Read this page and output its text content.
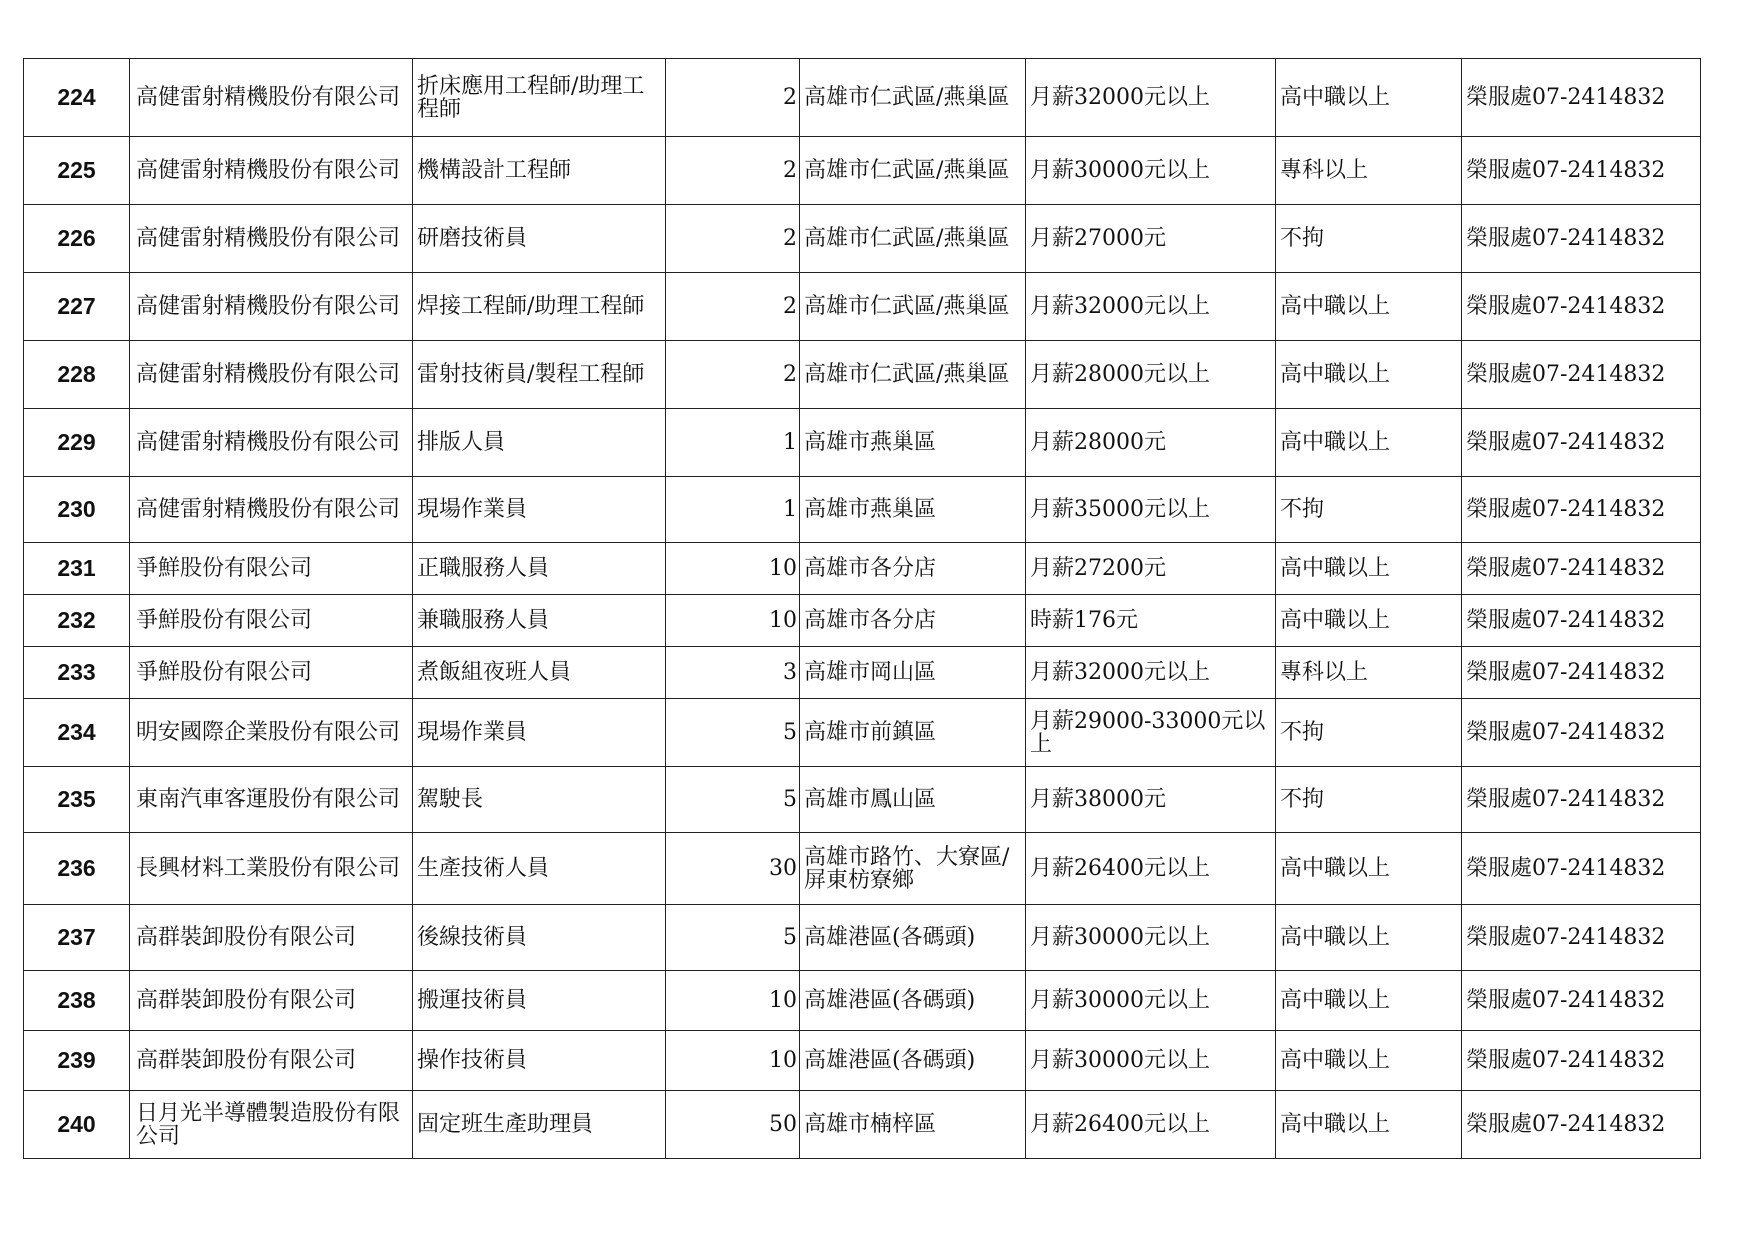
224	高健雷射精機股份有限公司	折床應用工程師/助理工程師	2	高雄市仁武區/燕巢區	月薪32000元以上	高中職以上	榮服處07-2414832
225	高健雷射精機股份有限公司	機構設計工程師	2	高雄市仁武區/燕巢區	月薪30000元以上	專科以上	榮服處07-2414832
226	高健雷射精機股份有限公司	研磨技術員	2	高雄市仁武區/燕巢區	月薪27000元	不拘	榮服處07-2414832
227	高健雷射精機股份有限公司	焊接工程師/助理工程師	2	高雄市仁武區/燕巢區	月薪32000元以上	高中職以上	榮服處07-2414832
228	高健雷射精機股份有限公司	雷射技術員/製程工程師	2	高雄市仁武區/燕巢區	月薪28000元以上	高中職以上	榮服處07-2414832
229	高健雷射精機股份有限公司	排版人員	1	高雄市燕巢區	月薪28000元	高中職以上	榮服處07-2414832
230	高健雷射精機股份有限公司	現場作業員	1	高雄市燕巢區	月薪35000元以上	不拘	榮服處07-2414832
231	爭鮮股份有限公司	正職服務人員	10	高雄市各分店	月薪27200元	高中職以上	榮服處07-2414832
232	爭鮮股份有限公司	兼職服務人員	10	高雄市各分店	時薪176元	高中職以上	榮服處07-2414832
233	爭鮮股份有限公司	煮飯組夜班人員	3	高雄市岡山區	月薪32000元以上	專科以上	榮服處07-2414832
234	明安國際企業股份有限公司	現場作業員	5	高雄市前鎮區	月薪29000-33000元以上	不拘	榮服處07-2414832
235	東南汽車客運股份有限公司	駕駛長	5	高雄市鳳山區	月薪38000元	不拘	榮服處07-2414832
236	長興材料工業股份有限公司	生產技術人員	30	高雄市路竹、大寮區/屏東枋寮鄉	月薪26400元以上	高中職以上	榮服處07-2414832
237	高群裝卸股份有限公司	後線技術員	5	高雄港區(各碼頭)	月薪30000元以上	高中職以上	榮服處07-2414832
238	高群裝卸股份有限公司	搬運技術員	10	高雄港區(各碼頭)	月薪30000元以上	高中職以上	榮服處07-2414832
239	高群裝卸股份有限公司	操作技術員	10	高雄港區(各碼頭)	月薪30000元以上	高中職以上	榮服處07-2414832
240	日月光半導體製造股份有限公司	固定班生產助理員	50	高雄市楠梓區	月薪26400元以上	高中職以上	榮服處07-2414832
